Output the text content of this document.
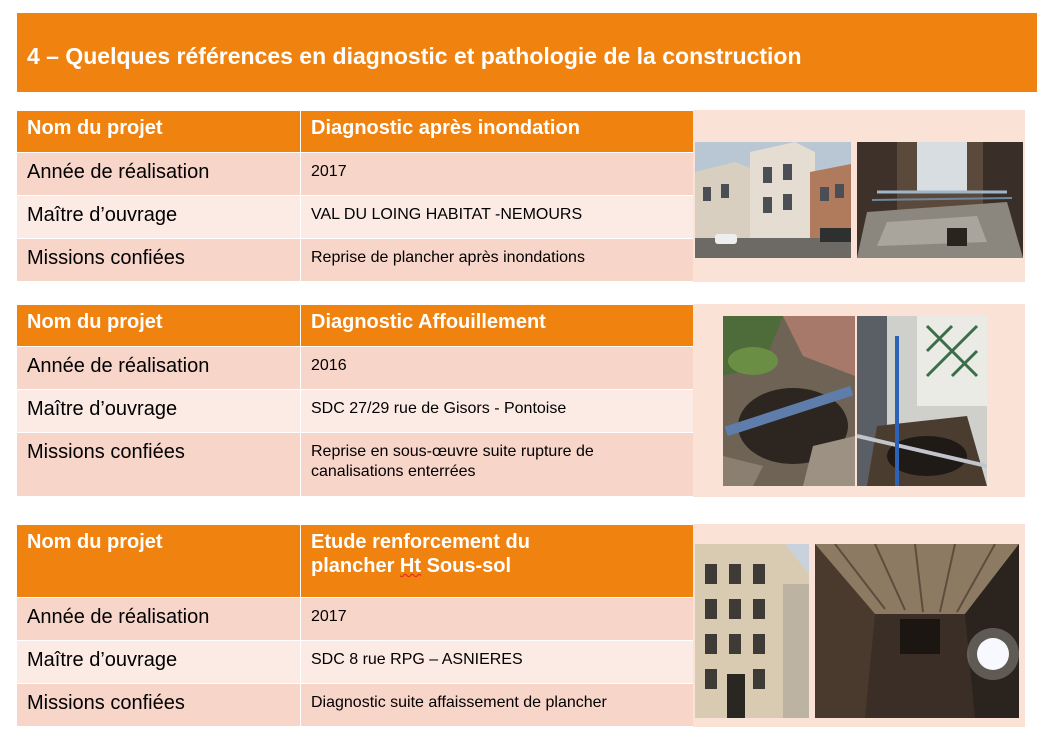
4 – Quelques références en diagnostic et pathologie de la construction
Nom du projet	Diagnostic après inondation

Année de réalisation	2017

Maître d’ouvrage	VAL DU LOING HABITAT -NEMOURS

Missions confiées	Reprise de plancher après inondations
Nom du projet	Diagnostic Affouillement

Année de réalisation	2016

Maître d’ouvrage	SDC 27/29 rue de Gisors - Pontoise

Missions confiées	Reprise en sous-œuvre suite rupture de canalisations enterrées
Nom du projet	Etude renforcement du
plancher Ht Sous-sol

Année de réalisation	2017

Maître d’ouvrage	SDC 8 rue RPG – ASNIERES

Missions confiées	Diagnostic suite affaissement de plancher
